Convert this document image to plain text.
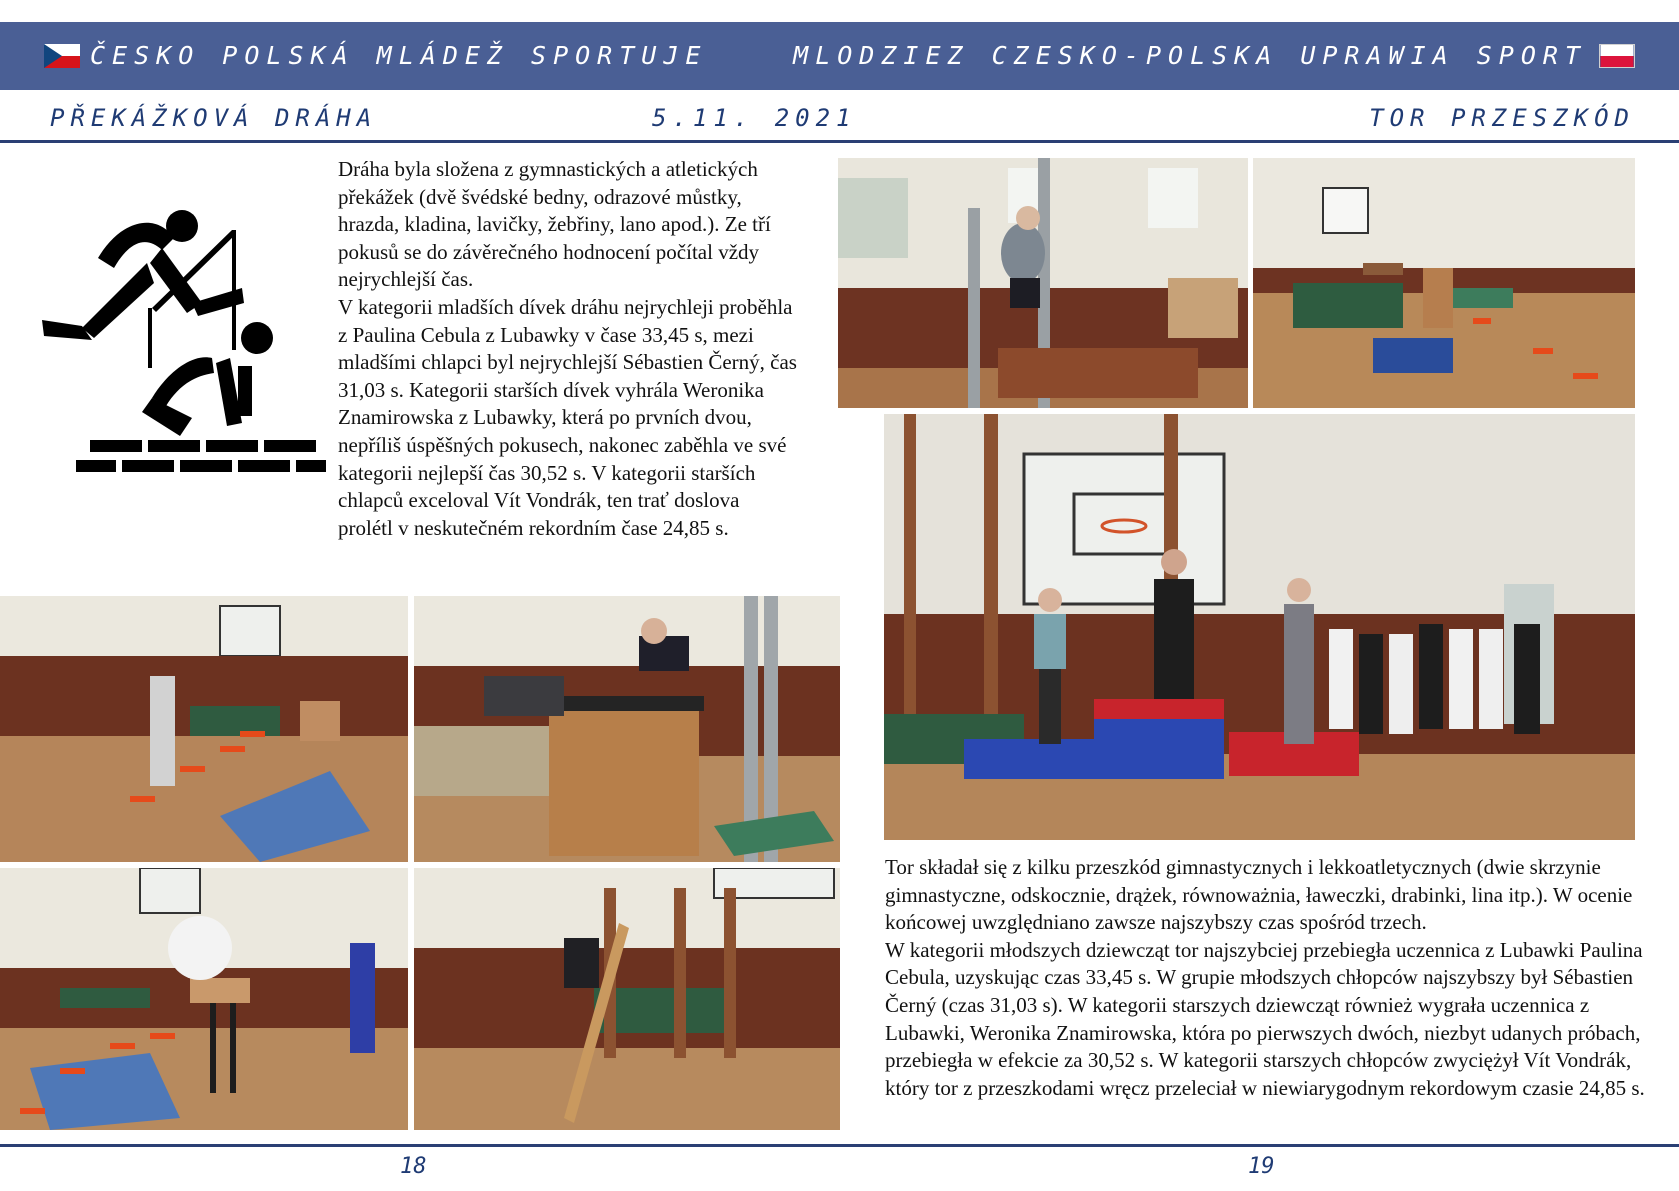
ČESKO POLSKÁ MLÁDEŽ SPORTUJE	MLODZIEZ CZESKO-POLSKA UPRAWIA SPORT
PŘEKÁŽKOVÁ DRÁHA	5.11. 2021	TOR PRZESZKÓD

Dráha byla složena z gymnastických a atletických překážek (dvě švédské bedny, odrazové můstky, hrazda, kladina, lavičky, žebřiny, lano apod.). Ze tří pokusů se do závěrečného hodnocení počítal vždy nejrychlejší čas.

V kategorii mladších dívek dráhu nejrychleji proběhla z Paulina Cebula z Lubawky v čase 33,45 s, mezi mladšími chlapci byl nejrychlejší Sébastien Černý, čas 31,03 s. Kategorii starších dívek vyhrála Weronika Znamirowska z Lubawky, která po prvních dvou, nepříliš úspěšných pokusech, nakonec zaběhla ve své kategorii nejlepší čas 30,52 s. V kategorii starších chlapců exceloval Vít Vondrák, ten trať doslova prolétl v neskutečném rekordním čase 24,85 s.

Tor składał się z kilku przeszkód gimnastycznych i lekkoatletycznych (dwie skrzynie gimnastyczne, odskocznie, drążek, równoważnia, ławeczki, drabinki, lina itp.). W ocenie końcowej uwzględniano zawsze najszybszy czas spośród trzech.

W kategorii młodszych dziewcząt tor najszybciej przebiegła uczennica z Lubawki Paulina Cebula, uzyskując czas 33,45 s. W grupie młodszych chłopców najszybszy był Sébastien Černý (czas 31,03 s). W kategorii starszych dziewcząt również wygrała uczennica z Lubawki, Weronika Znamirowska, która po pierwszych dwóch, niezbyt udanych próbach, przebiegła w efekcie za 30,52 s. W kategorii starszych chłopców zwyciężył Vít Vondrák, który tor z przeszkodami wręcz przeleciał w niewiarygodnym rekordowym czasie 24,85 s.

18	19
